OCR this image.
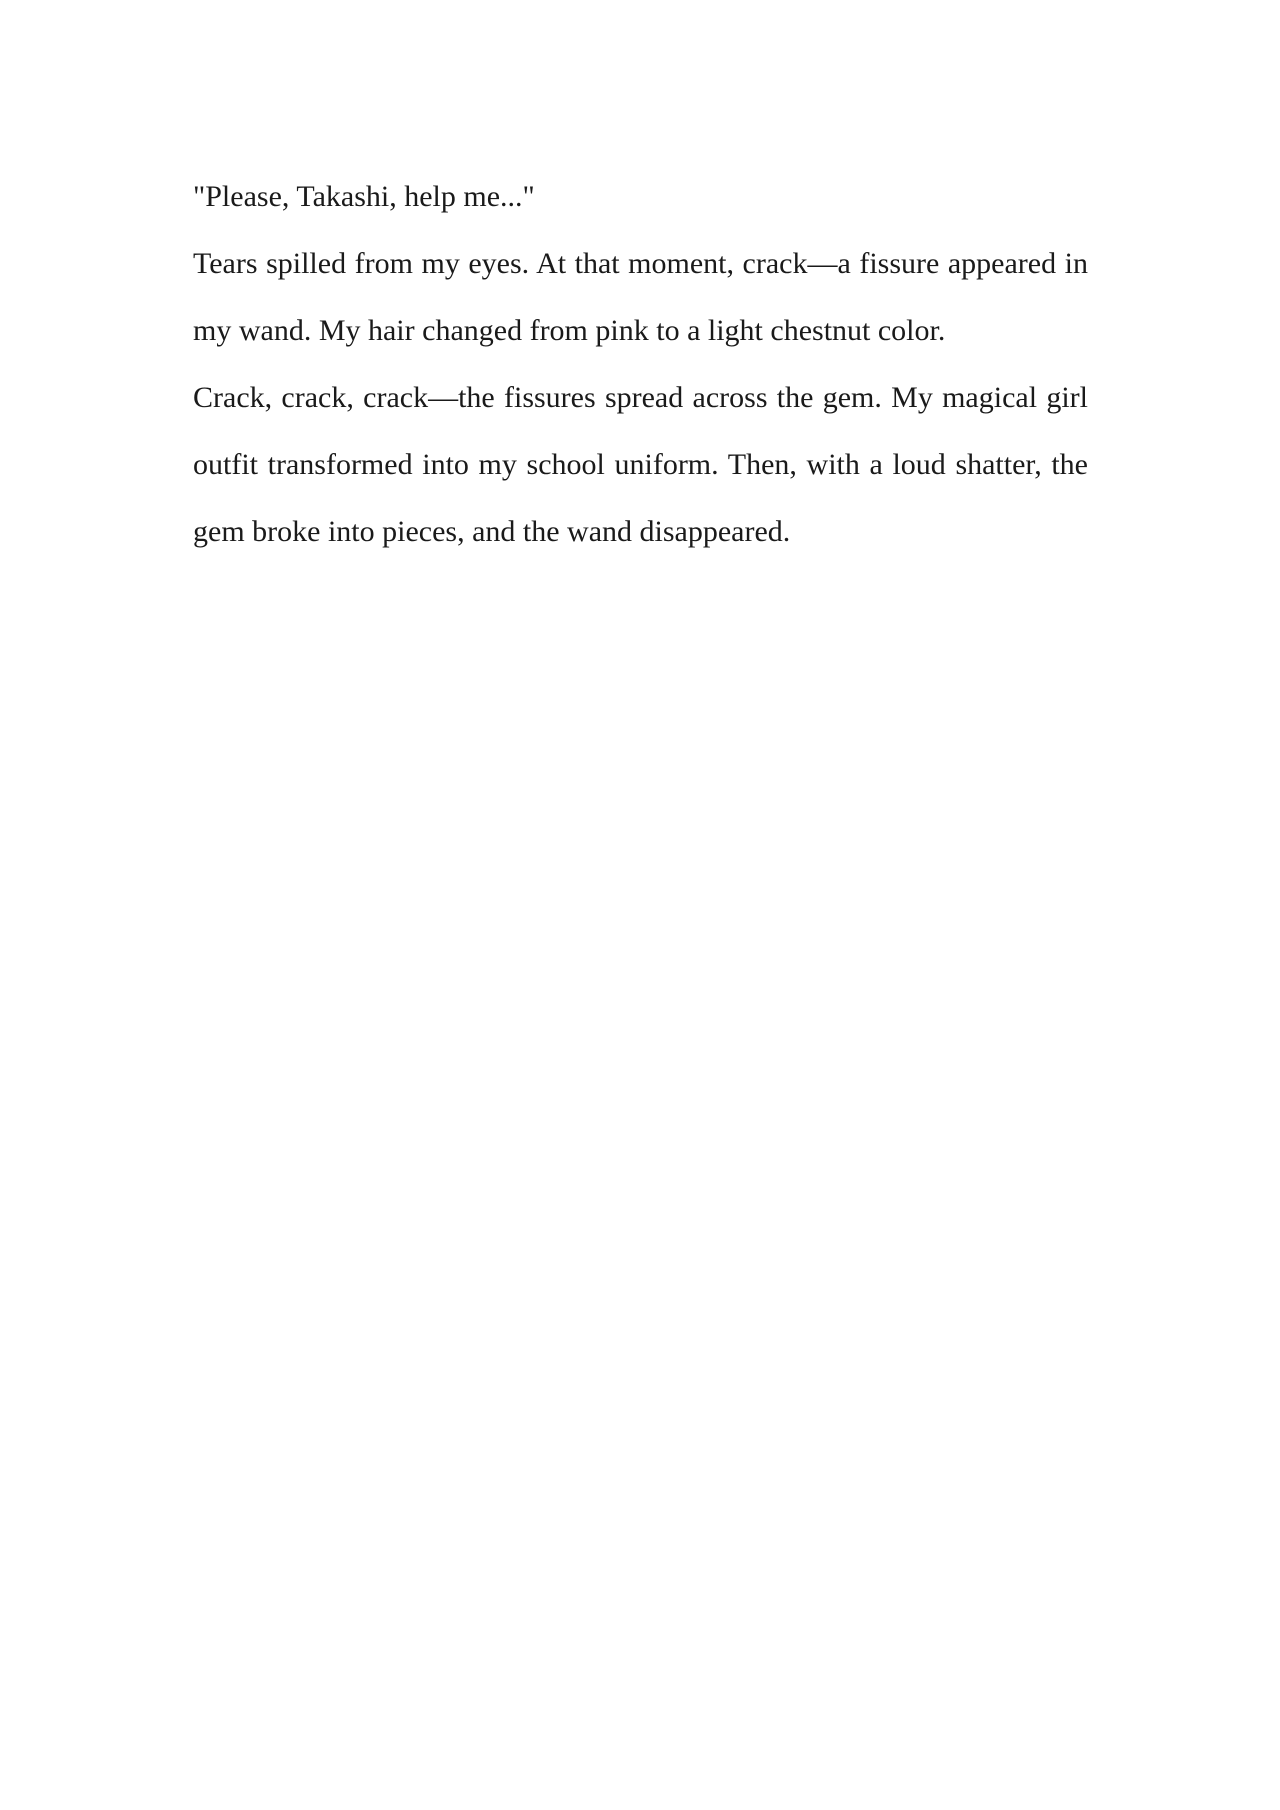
"Please, Takashi, help me..."

Tears spilled from my eyes. At that moment, crack—a fissure appeared in my wand. My hair changed from pink to a light chestnut color.

Crack, crack, crack—the fissures spread across the gem. My magical girl outfit transformed into my school uniform. Then, with a loud shatter, the gem broke into pieces, and the wand disappeared.
